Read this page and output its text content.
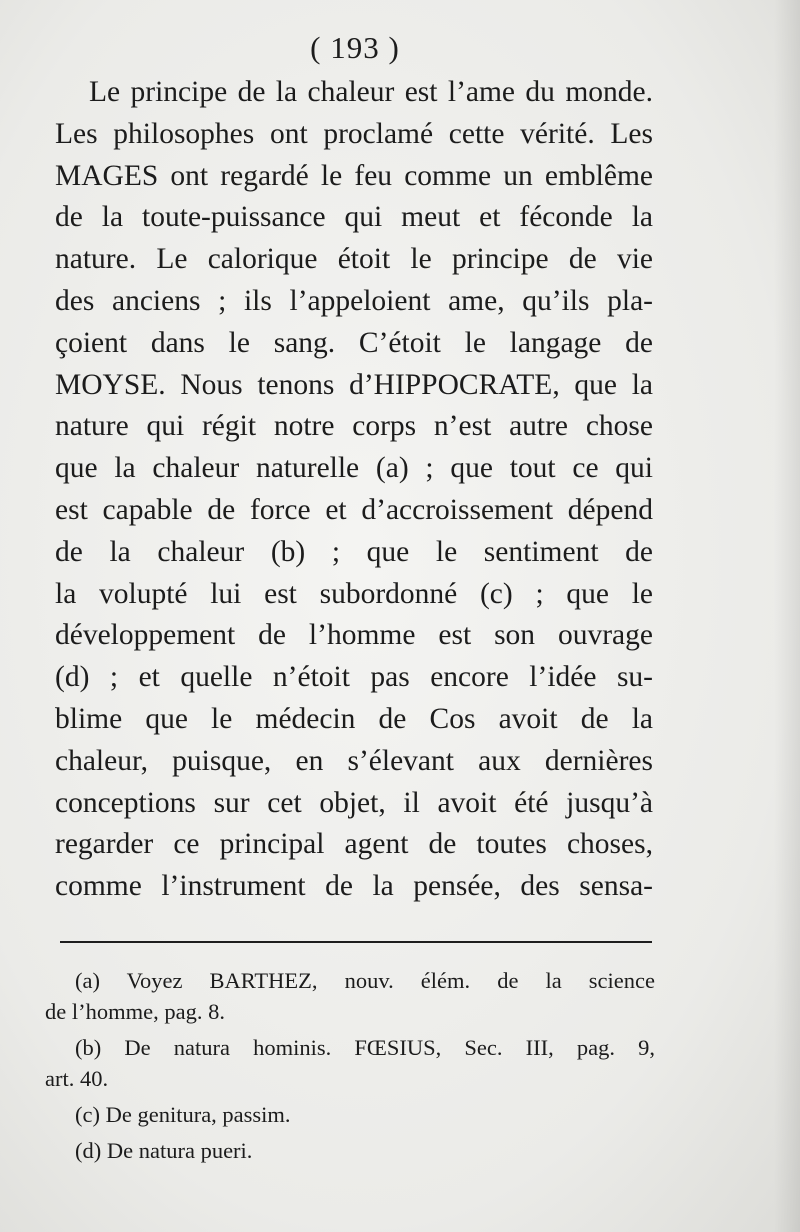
( 193 )
Le principe de la chaleur est l’ame du monde.
Les philosophes ont proclamé cette vérité. Les
MAGES ont regardé le feu comme un emblême
de la toute-puissance qui meut et féconde la
nature. Le calorique étoit le principe de vie
des anciens ; ils l’appeloient ame, qu’ils pla-
çoient dans le sang. C’étoit le langage de
MOYSE. Nous tenons d’HIPPOCRATE, que la
nature qui régit notre corps n’est autre chose
que la chaleur naturelle (a) ; que tout ce qui
est capable de force et d’accroissement dépend
de la chaleur (b) ; que le sentiment de
la volupté lui est subordonné (c) ; que le
développement de l’homme est son ouvrage
(d) ; et quelle n’étoit pas encore l’idée su-
blime que le médecin de Cos avoit de la
chaleur, puisque, en s’élevant aux dernières
conceptions sur cet objet, il avoit été jusqu’à
regarder ce principal agent de toutes choses,
comme l’instrument de la pensée, des sensa-
(a) Voyez BARTHEZ, nouv. élém. de la science
de l’homme, pag. 8.
(b) De natura hominis. FŒSIUS, Sec. III, pag. 9,
art. 40.
(c) De genitura, passim.
(d) De natura pueri.
